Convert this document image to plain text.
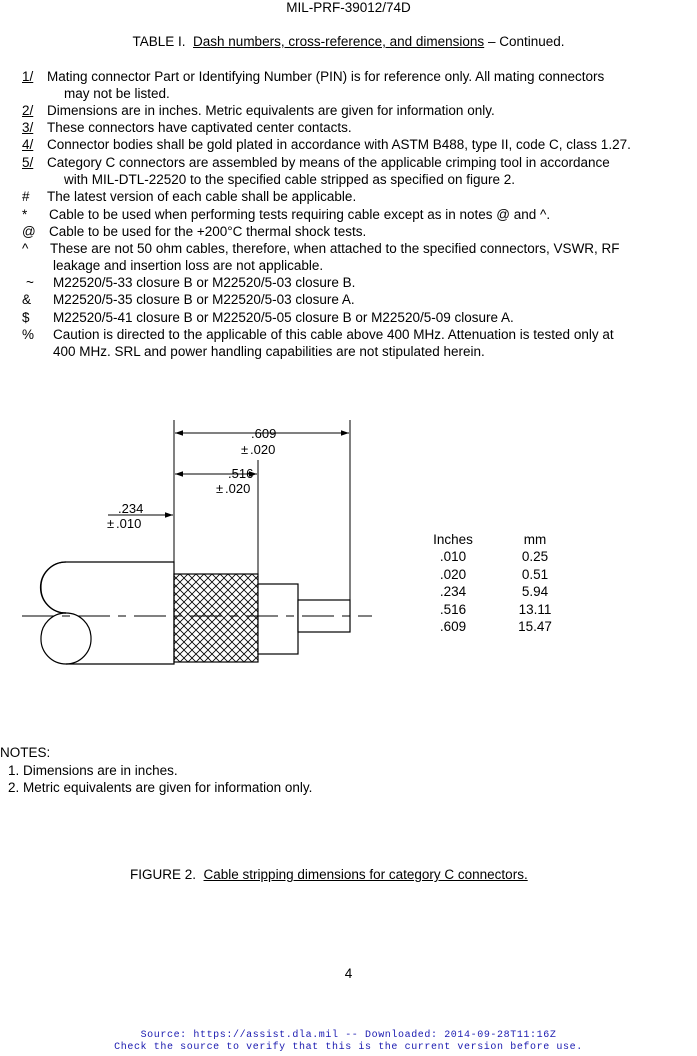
MIL-PRF-39012/74D
TABLE I. Dash numbers, cross-reference, and dimensions – Continued.
1/ Mating connector Part or Identifying Number (PIN) is for reference only. All mating connectors
may not be listed.
2/ Dimensions are in inches. Metric equivalents are given for information only.
3/ These connectors have captivated center contacts.
4/ Connector bodies shall be gold plated in accordance with ASTM B488, type II, code C, class 1.27.
5/ Category C connectors are assembled by means of the applicable crimping tool in accordance
with MIL-DTL-22520 to the specified cable stripped as specified on figure 2.
# The latest version of each cable shall be applicable.
* Cable to be used when performing tests requiring cable except as in notes @ and ^.
@ Cable to be used for the +200°C thermal shock tests.
^ These are not 50 ohm cables, therefore, when attached to the specified connectors, VSWR, RF
leakage and insertion loss are not applicable.
~ M22520/5-33 closure B or M22520/5-03 closure B.
& M22520/5-35 closure B or M22520/5-03 closure A.
$ M22520/5-41 closure B or M22520/5-05 closure B or M22520/5-09 closure A.
% Caution is directed to the applicable of this cable above 400 MHz. Attenuation is tested only at
400 MHz. SRL and power handling capabilities are not stipulated herein.
.609
± .020
.516
± .020
.234
± .010
Inches
.010
.020
.234
.516
.609
mm
0.25
0.51
5.94
13.11
15.47
NOTES:
1. Dimensions are in inches.
2. Metric equivalents are given for information only.
FIGURE 2. Cable stripping dimensions for category C connectors.
4
Source: https://assist.dla.mil -- Downloaded: 2014-09-28T11:16Z
Check the source to verify that this is the current version before use.
